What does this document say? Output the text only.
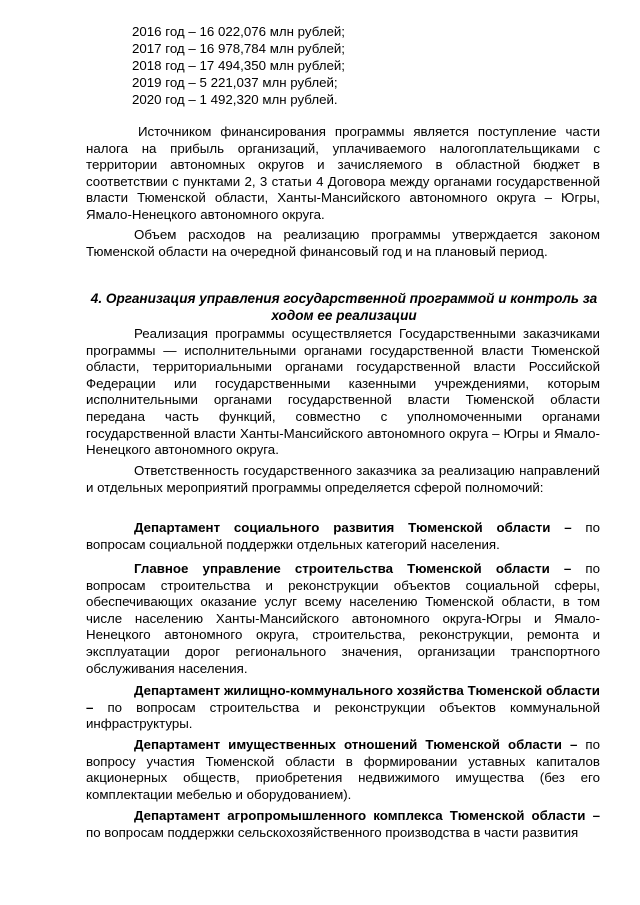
2016 год – 16 022,076 млн рублей;

2017 год – 16 978,784 млн рублей;

2018 год – 17 494,350 млн рублей;

2019 год – 5 221,037 млн рублей;

2020 год – 1 492,320 млн рублей.

Источником финансирования программы является поступление части налога на прибыль организаций, уплачиваемого налогоплательщиками с территории автономных округов и зачисляемого в областной бюджет в соответствии с пунктами 2, 3 статьи 4 Договора между органами государственной власти Тюменской области, Ханты-Мансийского автономного округа – Югры, Ямало-Ненецкого автономного округа.

Объем расходов на реализацию программы утверждается законом Тюменской области на очередной финансовый год и на плановый период.

4. Организация управления государственной программой и контроль за ходом ее реализации

Реализация программы осуществляется Государственными заказчиками программы — исполнительными органами государственной власти Тюменской области, территориальными органами государственной власти Российской Федерации или государственными казенными учреждениями, которым исполнительными органами государственной власти Тюменской области передана часть функций, совместно с уполномоченными органами государственной власти Ханты-Мансийского автономного округа – Югры и Ямало-Ненецкого автономного округа.

Ответственность государственного заказчика за реализацию направлений и отдельных мероприятий программы определяется сферой полномочий:

Департамент социального развития Тюменской области – по вопросам социальной поддержки отдельных категорий населения.

Главное управление строительства Тюменской области – по вопросам строительства и реконструкции объектов социальной сферы, обеспечивающих оказание услуг всему населению Тюменской области, в том числе населению Ханты-Мансийского автономного округа-Югры и Ямало-Ненецкого автономного округа, строительства, реконструкции, ремонта и эксплуатации дорог регионального значения, организации транспортного обслуживания населения.

Департамент жилищно-коммунального хозяйства Тюменской области – по вопросам строительства и реконструкции объектов коммунальной инфраструктуры.

Департамент имущественных отношений Тюменской области – по вопросу участия Тюменской области в формировании уставных капиталов акционерных обществ, приобретения недвижимого имущества (без его комплектации мебелью и оборудованием).

Департамент агропромышленного комплекса Тюменской области – по вопросам поддержки сельскохозяйственного производства в части развития
